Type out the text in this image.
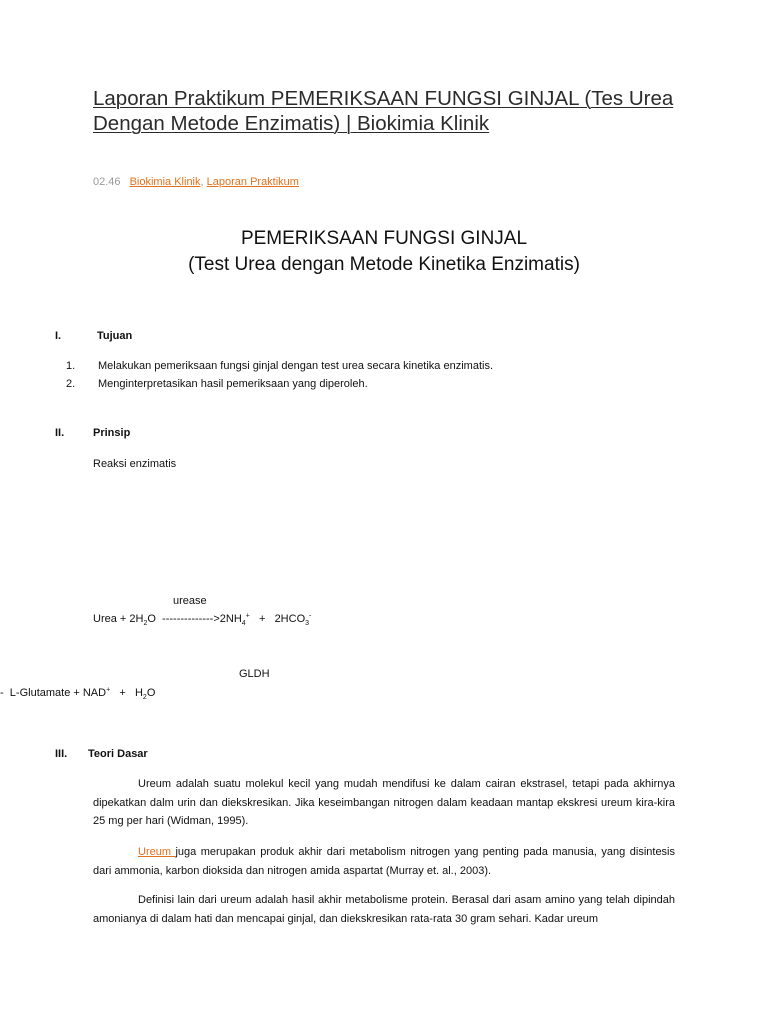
Laporan Praktikum PEMERIKSAAN FUNGSI GINJAL (Tes Urea Dengan Metode Enzimatis) | Biokimia Klinik
02.46 Biokimia Klinik, Laporan Praktikum
PEMERIKSAAN FUNGSI GINJAL
(Test Urea dengan Metode Kinetika Enzimatis)
I.	Tujuan
1. Melakukan pemeriksaan fungsi ginjal dengan test urea secara kinetika enzimatis.
2. Menginterpretasikan hasil pemeriksaan yang diperoleh.
II.	Prinsip
Reaksi enzimatis
urease
Urea + $2H_2O$ $-------------->2NH_4^+ + 2HCO_3^-$
GLDH
- L-Glutamate + $NAD^+ + H_2O$
III. Teori Dasar
Ureum adalah suatu molekul kecil yang mudah mendifusi ke dalam cairan ekstrasel, tetapi pada akhirnya dipekatkan dalm urin dan diekskresikan. Jika keseimbangan nitrogen dalam keadaan mantap ekskresi ureum kira-kira 25 mg per hari (Widman, 1995).
Ureum juga merupakan produk akhir dari metabolism nitrogen yang penting pada manusia, yang disintesis dari ammonia, karbon dioksida dan nitrogen amida aspartat (Murray et. al., 2003).
Definisi lain dari ureum adalah hasil akhir metabolisme protein. Berasal dari asam amino yang telah dipindah amonianya di dalam hati dan mencapai ginjal, dan diekskresikan rata-rata 30 gram sehari. Kadar ureum
